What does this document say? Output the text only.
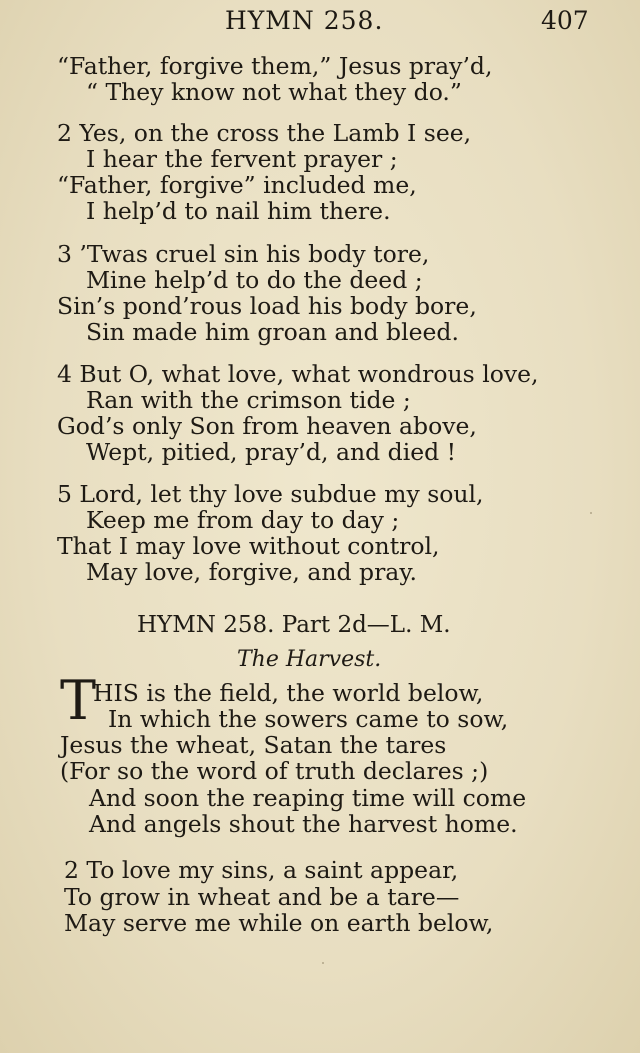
HYMN 258.	407
“Father, forgive them,” Jesus pray’d,
“ They know not what they do.”
2 Yes, on the cross the Lamb I see,
I hear the fervent prayer ;
“Father, forgive” included me,
I help’d to nail him there.
3 ’Twas cruel sin his body tore,
Mine help’d to do the deed ;
Sin’s pond’rous load his body bore,
Sin made him groan and bleed.
4 But O, what love, what wondrous love,
Ran with the crimson tide ;
God’s only Son from heaven above,
Wept, pitied, pray’d, and died !
5 Lord, let thy love subdue my soul,
Keep me from day to day ;
That I may love without control,
May love, forgive, and pray.
HYMN 258. Part 2d—L. M.
The Harvest.
T
HIS is the field, the world below,
In which the sowers came to sow,
Jesus the wheat, Satan the tares
(For so the word of truth declares ;)
And soon the reaping time will come
And angels shout the harvest home.
2 To love my sins, a saint appear,
To grow in wheat and be a tare—
May serve me while on earth below,
